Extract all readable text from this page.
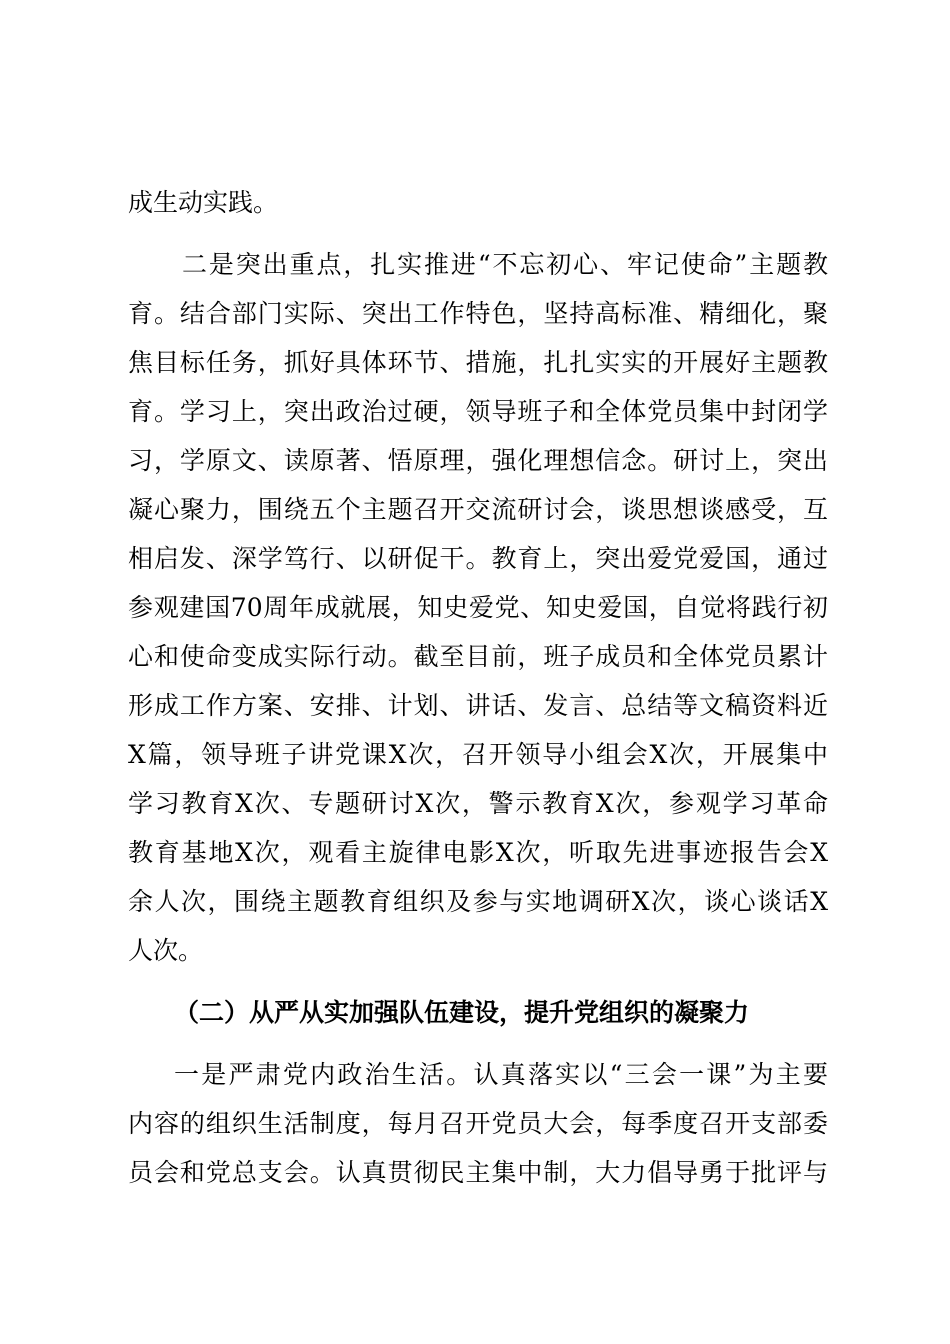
成生动实践。
二是突出重点，扎实推进“不忘初心、牢记使命”主题教
育。结合部门实际、突出工作特色，坚持高标准、精细化，聚
焦目标任务，抓好具体环节、措施，扎扎实实的开展好主题教
育。学习上，突出政治过硬，领导班子和全体党员集中封闭学
习，学原文、读原著、悟原理，强化理想信念。研讨上，突出
凝心聚力，围绕五个主题召开交流研讨会，谈思想谈感受，互
相启发、深学笃行、以研促干。教育上，突出爱党爱国，通过
参观建国70周年成就展，知史爱党、知史爱国，自觉将践行初
心和使命变成实际行动。截至目前，班子成员和全体党员累计
形成工作方案、安排、计划、讲话、发言、总结等文稿资料近
X篇，领导班子讲党课X次，召开领导小组会X次，开展集中
学习教育X次、专题研讨X次，警示教育X次，参观学习革命
教育基地X次，观看主旋律电影X次，听取先进事迹报告会X
余人次，围绕主题教育组织及参与实地调研X次，谈心谈话X
人次。
（二）从严从实加强队伍建设，提升党组织的凝聚力
一是严肃党内政治生活。认真落实以“三会一课”为主要
内容的组织生活制度，每月召开党员大会，每季度召开支部委
员会和党总支会。认真贯彻民主集中制，大力倡导勇于批评与
